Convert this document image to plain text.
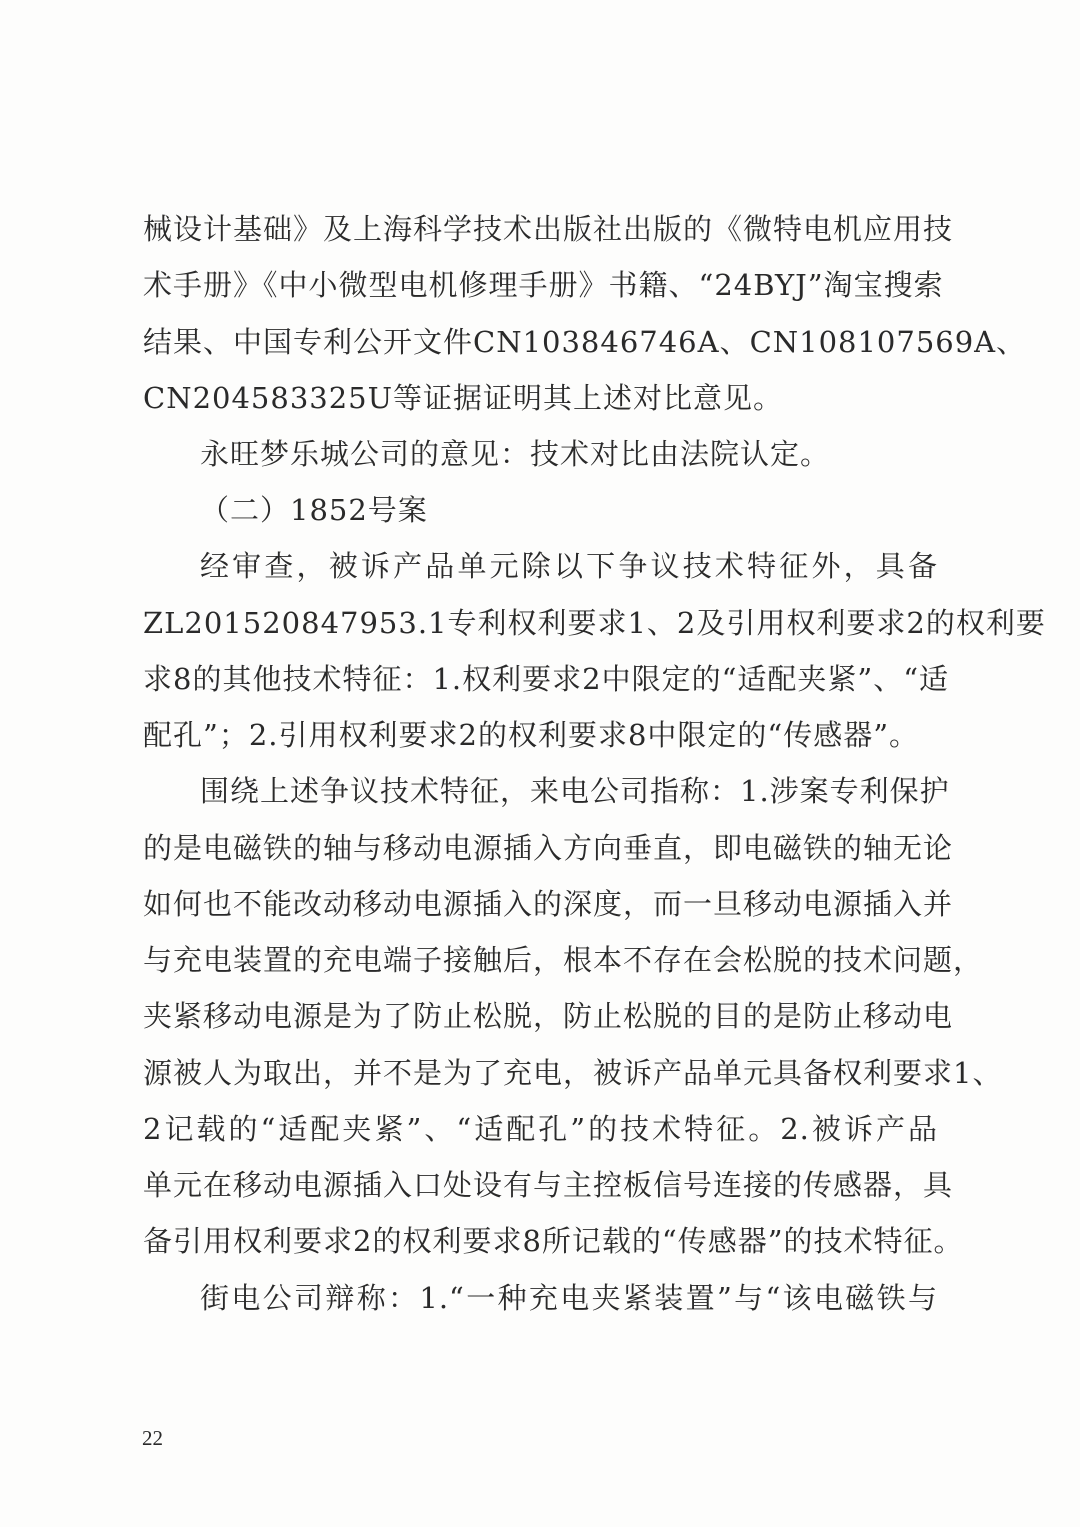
械设计基础》及上海科学技术出版社出版的《微特电机应用技
术手册》《中小微型电机修理手册》书籍、“24BYJ”淘宝搜索
结果、中国专利公开文件CN103846746A、CN108107569A、
CN204583325U等证据证明其上述对比意见。
永旺梦乐城公司的意见：技术对比由法院认定。
（二）1852号案
经审查，被诉产品单元除以下争议技术特征外，具备
ZL201520847953.1专利权利要求1、2及引用权利要求2的权利要
求8的其他技术特征：1.权利要求2中限定的“适配夹紧”、“适
配孔”；2.引用权利要求2的权利要求8中限定的“传感器”。
围绕上述争议技术特征，来电公司指称：1.涉案专利保护
的是电磁铁的轴与移动电源插入方向垂直，即电磁铁的轴无论
如何也不能改动移动电源插入的深度，而一旦移动电源插入并
与充电装置的充电端子接触后，根本不存在会松脱的技术问题，
夹紧移动电源是为了防止松脱，防止松脱的目的是防止移动电
源被人为取出，并不是为了充电，被诉产品单元具备权利要求1、
2记载的“适配夹紧”、“适配孔”的技术特征。2.被诉产品
单元在移动电源插入口处设有与主控板信号连接的传感器，具
备引用权利要求2的权利要求8所记载的“传感器”的技术特征。
街电公司辩称：1.“一种充电夹紧装置”与“该电磁铁与
22
